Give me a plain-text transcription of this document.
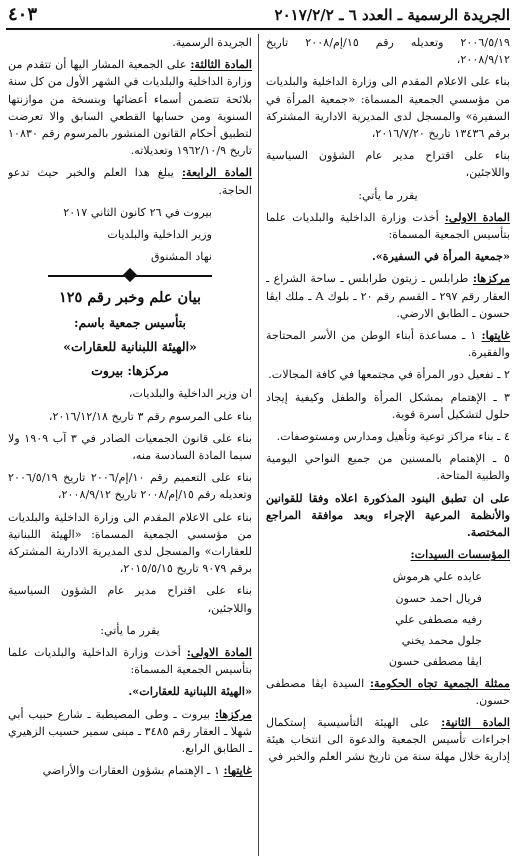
الجريدة الرسمية ـ العدد ٦ ـ ٢٠١٧/٢/٢
٤٠٣

٢٠٠٦/٥/١٩ وتعديله رقم ١٥/إم/٢٠٠٨ تاريخ ٢٠٠٨/٩/١٢،

بناء على الاعلام المقدم الى وزارة الداخلية والبلديات من مؤسسي الجمعية المسماة: «جمعية المرأة في السفيرة» والمسجل لدى المديرية الادارية المشتركة برقم ١٣٤٣٦ تاريخ ٢٠١٦/٧/٢٠،

بناء على اقتراح مدير عام الشؤون السياسية واللاجئين،

يقرر ما يأتي:

المادة الاولى: أخذت وزارة الداخلية والبلديات علما بتأسيس الجمعية المسماة:

«جمعية المرأة في السفيرة».

مركزها: طرابلس ـ زيتون طرابلس ـ ساحة الشراع ـ العقار رقم ٢٩٧ ـ القسم رقم ٢٠ ـ بلوك A ـ ملك ايڤا حسون ـ الطابق الارضي.

غايتها: ١ ـ مساعدة أبناء الوطن من الأسر المحتاجة والفقيرة.

٢ ـ تفعيل دور المرأة في مجتمعها في كافة المجالات.

٣ ـ الإهتمام بمشكل المرأة والطفل وكيفية إيجاد حلول لتشكيل أسرة قوية.

٤ ـ بناء مراكز توعية وتأهيل ومدارس ومستوصفات.

٥ ـ الإهتمام بالمسنين من جميع النواحي اليومية والطبية المتاحة.

على ان تطبق البنود المذكورة اعلاه وفقا للقوانين والأنظمة المرعية الإجراء وبعد موافقة المراجع المختصة.

المؤسسات السيدات:

عايده علي هرموش

فريال احمد حسون

رفيه مصطفى علي

جلول محمد يخني

ايڤا مصطفى حسون

ممثلة الجمعية تجاه الحكومة: السيدة ايڤا مصطفى حسون.

المادة الثانية: على الهيئة التأسيسية إستكمال اجراءات تأسيس الجمعية والدعوة الى انتخاب هيئة إدارية خلال مهلة سنة من تاريخ نشر العلم والخبر في

الجريدة الرسمية.

المادة الثالثة: على الجمعية المشار اليها أن تتقدم من وزارة الداخلية والبلديات في الشهر الأول من كل سنة بلائحة تتضمن أسماء أعضائها وبنسخة من موازنتها السنوية ومن حسابها القطعي السابق والا تعرضت لتطبيق أحكام القانون المنشور بالمرسوم رقم ١٠٨٣٠ تاريخ ١٩٦٢/١٠/٩ وتعديلاته.

المادة الرابعة: يبلغ هذا العلم والخبر حيث تدعو الحاجة.

بيروت في ٢٦ كانون الثاني ٢٠١٧

وزير الداخلية والبلديات

نهاد المشنوق

بيان علم وخبر رقم ١٢٥

بتأسيس جمعية باسم:

«الهيئة اللبنانية للعقارات»

مركزها: بيروت

ان وزير الداخلية والبلديات،

بناء على المرسوم رقم ٣ تاريخ ٢٠١٦/١٢/١٨،

بناء على قانون الجمعيات الصادر في ٣ آب ١٩٠٩ ولا سيما المادة السادسة منه،

بناء على التعميم رقم ١٠/إم/٢٠٠٦ تاريخ ٢٠٠٦/٥/١٩ وتعديله رقم ١٥/إم/٢٠٠٨ تاريخ ٢٠٠٨/٩/١٢،

بناء على الاعلام المقدم الى وزارة الداخلية والبلديات من مؤسسي الجمعية المسماة: «الهيئة اللبنانية للعقارات» والمسجل لدى المديرية الادارية المشتركة برقم ٩٠٧٩ تاريخ ٢٠١٥/٥/١٥،

بناء على اقتراح مدير عام الشؤون السياسية واللاجئين،

يقرر ما يأتي:

المادة الاولى: أخذت وزارة الداخلية والبلديات علما بتأسيس الجمعية المسماة:

«الهيئة اللبنانية للعقارات».

مركزها: بيروت ـ وطى المصيطبة ـ شارع حبيب أبي شهلا ـ العقار رقم ٣٤٨٥ ـ مبنى سمير حسيب الزهيري ـ الطابق الرابع.

غايتها: ١ ـ الإهتمام بشؤون العقارات والأراضي
